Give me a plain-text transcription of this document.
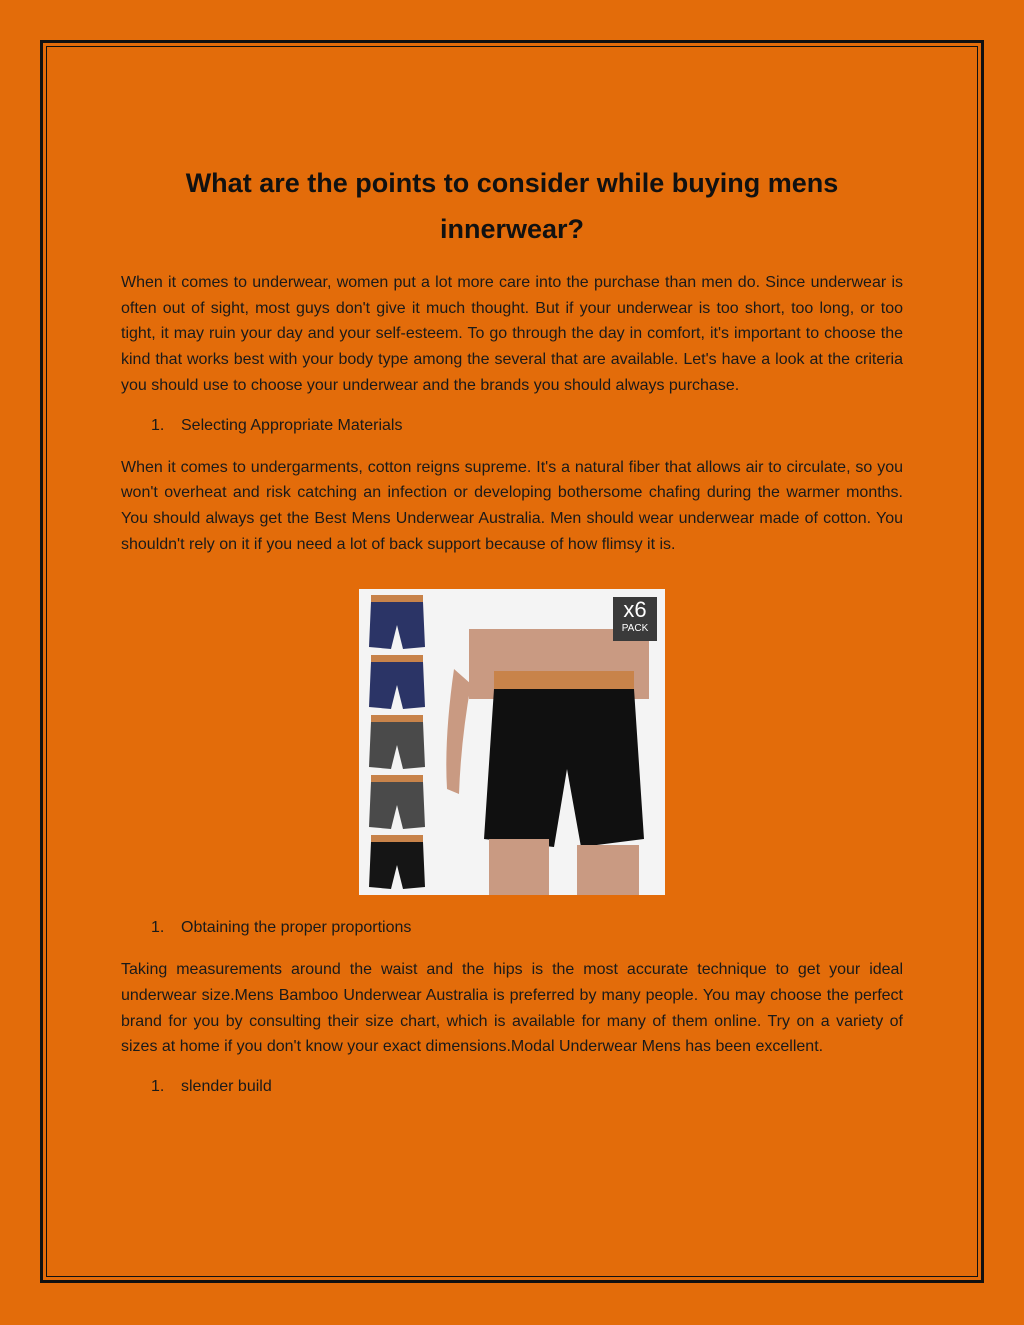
What are the points to consider while buying mens innerwear?

When it comes to underwear, women put a lot more care into the purchase than men do. Since underwear is often out of sight, most guys don't give it much thought. But if your underwear is too short, too long, or too tight, it may ruin your day and your self-esteem. To go through the day in comfort, it's important to choose the kind that works best with your body type among the several that are available. Let's have a look at the criteria you should use to choose your underwear and the brands you should always purchase.

1.	Selecting Appropriate Materials

When it comes to undergarments, cotton reigns supreme. It's a natural fiber that allows air to circulate, so you won't overheat and risk catching an infection or developing bothersome chafing during the warmer months. You should always get the Best Mens Underwear Australia. Men should wear underwear made of cotton. You shouldn't rely on it if you need a lot of back support because of how flimsy it is.

x6
PACK
1.	Obtaining the proper proportions

Taking measurements around the waist and the hips is the most accurate technique to get your ideal underwear size.Mens Bamboo Underwear Australia is preferred by many people. You may choose the perfect brand for you by consulting their size chart, which is available for many of them online. Try on a variety of sizes at home if you don't know your exact dimensions.Modal Underwear Mens has been excellent.

1.	slender build
